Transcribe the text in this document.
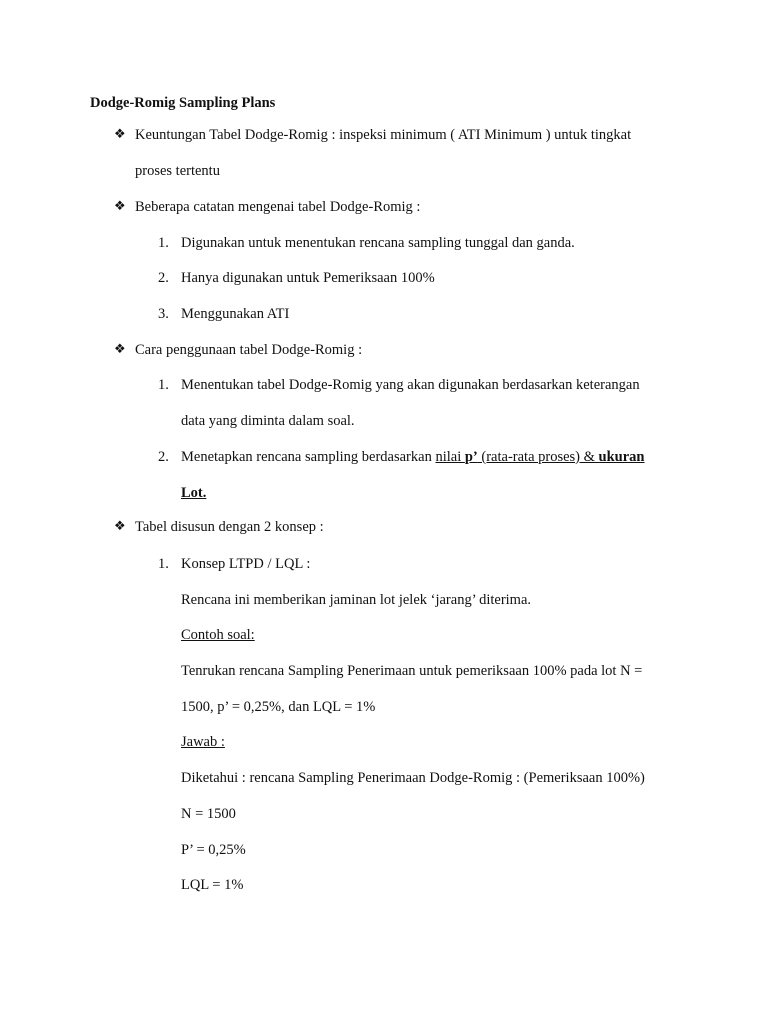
Dodge-Romig Sampling Plans
❖ Keuntungan Tabel Dodge-Romig : inspeksi minimum ( ATI Minimum ) untuk tingkat
proses tertentu
❖ Beberapa catatan mengenai tabel Dodge-Romig :
1. Digunakan untuk menentukan rencana sampling tunggal dan ganda.
2. Hanya digunakan untuk Pemeriksaan 100%
3. Menggunakan ATI
❖ Cara penggunaan tabel Dodge-Romig :
1. Menentukan tabel Dodge-Romig yang akan digunakan berdasarkan keterangan
data yang diminta dalam soal.
2. Menetapkan rencana sampling berdasarkan nilai p’ (rata-rata proses) & ukuran
Lot.
❖ Tabel disusun dengan 2 konsep :
1. Konsep LTPD / LQL :
Rencana ini memberikan jaminan lot jelek ‘jarang’ diterima.
Contoh soal:
Tenrukan rencana Sampling Penerimaan untuk pemeriksaan 100% pada lot N =
1500, p’ = 0,25%, dan LQL = 1%
Jawab :
Diketahui : rencana Sampling Penerimaan Dodge-Romig : (Pemeriksaan 100%)
N = 1500
P’ = 0,25%
LQL = 1%
